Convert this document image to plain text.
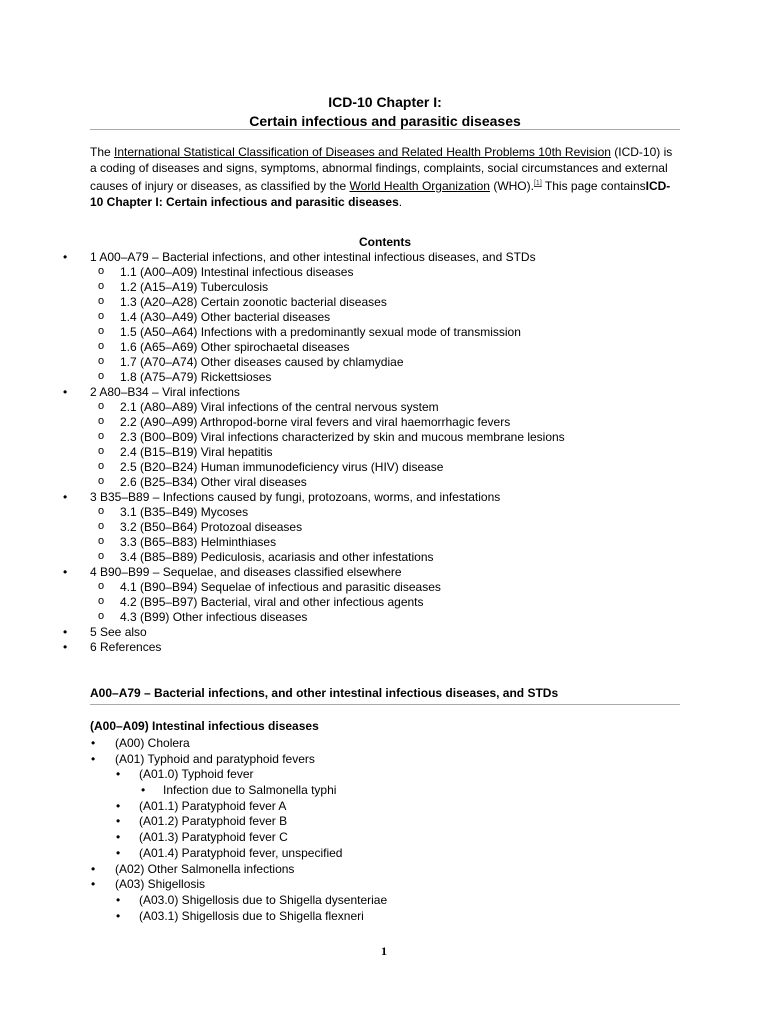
ICD-10 Chapter I:
Certain infectious and parasitic diseases
The International Statistical Classification of Diseases and Related Health Problems 10th Revision (ICD-10) is a coding of diseases and signs, symptoms, abnormal findings, complaints, social circumstances and external causes of injury or diseases, as classified by the World Health Organization (WHO).[1] This page containsICD-10 Chapter I: Certain infectious and parasitic diseases.
Contents
• 1 A00–A79 – Bacterial infections, and other intestinal infectious diseases, and STDs
o 1.1 (A00–A09) Intestinal infectious diseases
o 1.2 (A15–A19) Tuberculosis
o 1.3 (A20–A28) Certain zoonotic bacterial diseases
o 1.4 (A30–A49) Other bacterial diseases
o 1.5 (A50–A64) Infections with a predominantly sexual mode of transmission
o 1.6 (A65–A69) Other spirochaetal diseases
o 1.7 (A70–A74) Other diseases caused by chlamydiae
o 1.8 (A75–A79) Rickettsioses
• 2 A80–B34 – Viral infections
o 2.1 (A80–A89) Viral infections of the central nervous system
o 2.2 (A90–A99) Arthropod-borne viral fevers and viral haemorrhagic fevers
o 2.3 (B00–B09) Viral infections characterized by skin and mucous membrane lesions
o 2.4 (B15–B19) Viral hepatitis
o 2.5 (B20–B24) Human immunodeficiency virus (HIV) disease
o 2.6 (B25–B34) Other viral diseases
• 3 B35–B89 – Infections caused by fungi, protozoans, worms, and infestations
o 3.1 (B35–B49) Mycoses
o 3.2 (B50–B64) Protozoal diseases
o 3.3 (B65–B83) Helminthiases
o 3.4 (B85–B89) Pediculosis, acariasis and other infestations
• 4 B90–B99 – Sequelae, and diseases classified elsewhere
o 4.1 (B90–B94) Sequelae of infectious and parasitic diseases
o 4.2 (B95–B97) Bacterial, viral and other infectious agents
o 4.3 (B99) Other infectious diseases
• 5 See also
• 6 References
A00–A79 – Bacterial infections, and other intestinal infectious diseases, and STDs
(A00–A09) Intestinal infectious diseases
• (A00) Cholera
• (A01) Typhoid and paratyphoid fevers
• (A01.0) Typhoid fever
• Infection due to Salmonella typhi
• (A01.1) Paratyphoid fever A
• (A01.2) Paratyphoid fever B
• (A01.3) Paratyphoid fever C
• (A01.4) Paratyphoid fever, unspecified
• (A02) Other Salmonella infections
• (A03) Shigellosis
• (A03.0) Shigellosis due to Shigella dysenteriae
• (A03.1) Shigellosis due to Shigella flexneri
1
